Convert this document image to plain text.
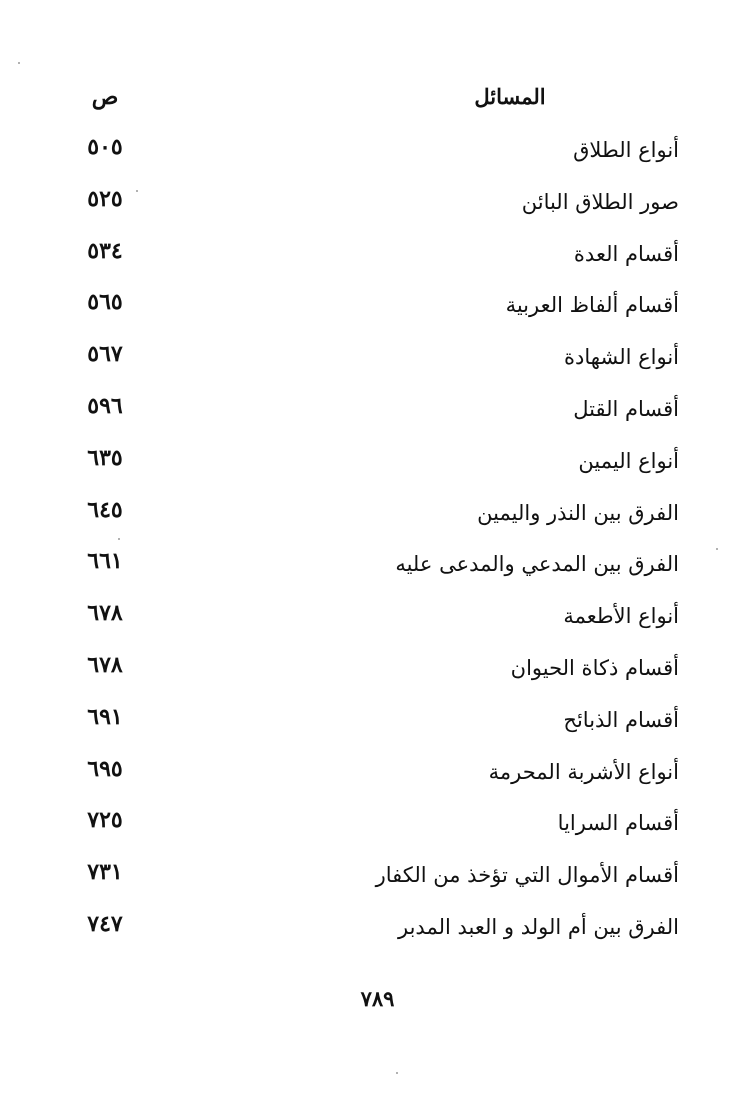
المسائل
ص
أنواع الطلاق
٥٠٥
صور الطلاق البائن
٥٢٥
أقسام العدة
٥٣٤
أقسام ألفاظ العربية
٥٦٥
أنواع الشهادة
٥٦٧
أقسام القتل
٥٩٦
أنواع اليمين
٦٣٥
الفرق بين النذر واليمين
٦٤٥
الفرق بين المدعي والمدعى عليه
٦٦١
أنواع الأطعمة
٦٧٨
أقسام ذكاة الحيوان
٦٧٨
أقسام الذبائح
٦٩١
أنواع الأشربة المحرمة
٦٩٥
أقسام السرايا
٧٢٥
أقسام الأموال التي تؤخذ من الكفار
٧٣١
الفرق بين أم الولد و العبد المدبر
٧٤٧
٧٨٩
